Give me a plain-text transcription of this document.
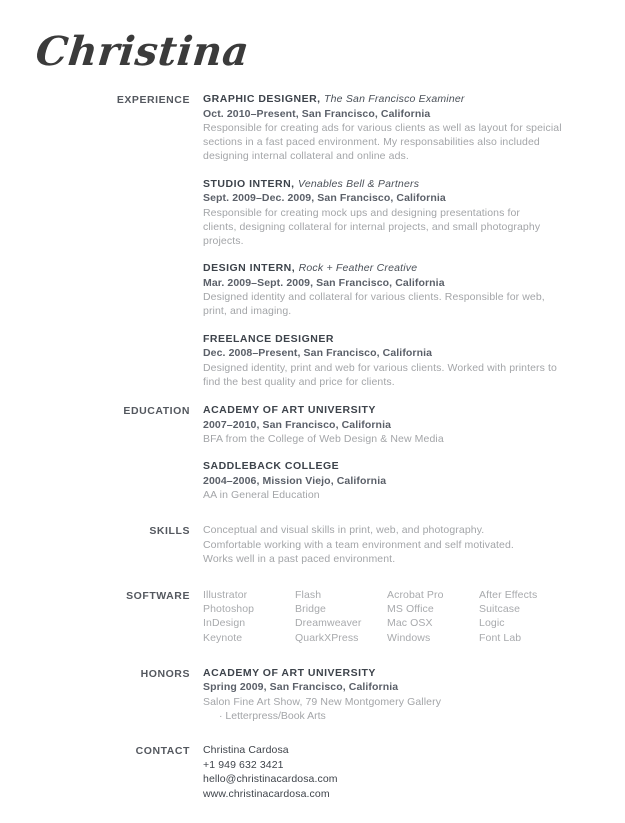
Christina
EXPERIENCE GRAPHIC DESIGNER, The San Francisco Examiner
Oct. 2010–Present, San Francisco, California
Responsible for creating ads for various clients as well as layout for speicial sections in a fast paced environment. My responsabilities also included designing internal collateral and online ads.
STUDIO INTERN, Venables Bell & Partners
Sept. 2009–Dec. 2009, San Francisco, California
Responsible for creating mock ups and designing presentations for clients, designing collateral for internal projects, and small photography projects.
DESIGN INTERN, Rock + Feather Creative
Mar. 2009–Sept. 2009, San Francisco, California
Designed identity and collateral for various clients. Responsible for web, print, and imaging.
FREELANCE DESIGNER
Dec. 2008–Present, San Francisco, California
Designed identity, print and web for various clients. Worked with printers to find the best quality and price for clients.
EDUCATION ACADEMY OF ART UNIVERSITY
2007–2010, San Francisco, California
BFA from the College of Web Design & New Media
SADDLEBACK COLLEGE
2004–2006, Mission Viejo, California
AA in General Education
SKILLS Conceptual and visual skills in print, web, and photography.
Comfortable working with a team environment and self motivated.
Works well in a past paced environment.
SOFTWARE Illustrator
Photoshop
InDesign
Keynote
Flash
Bridge
Dreamweaver
QuarkXPress
Acrobat Pro
MS Office
Mac OSX
Windows
After Effects
Suitcase
Logic
Font Lab
HONORS ACADEMY OF ART UNIVERSITY
Spring 2009, San Francisco, California
Salon Fine Art Show, 79 New Montgomery Gallery
· Letterpress/Book Arts
CONTACT Christina Cardosa
+1 949 632 3421
hello@christinacardosa.com
www.christinacardosa.com
